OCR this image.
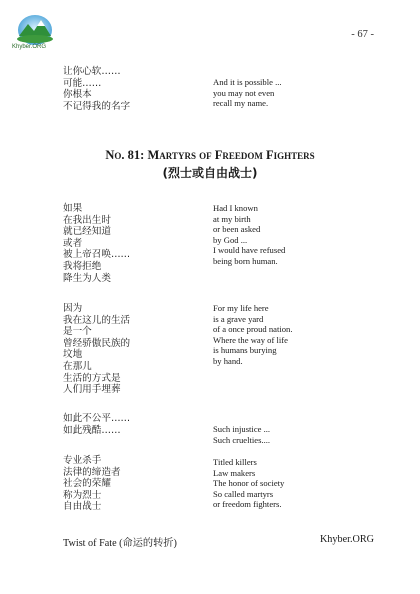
Khyber.ORG
- 67 -
让你心软……
可能……
你根本
不记得我的名字
And it is possible ...
you may not even
recall my name.
No. 81: Martyrs of Freedom Fighters
(烈士或自由战士)
如果
在我出生时
就已经知道
或者
被上帝召唤……
我将拒绝
降生为人类
Had I known
at my birth
or been asked
by God ...
I would have refused
being born human.
因为
我在这儿的生活
是一个
曾经骄傲民族的
坟地
在那儿
生活的方式是
人们用手埋葬
For my life here
is a grave yard
of a once proud nation.
Where the way of life
is humans burying
by hand.
如此不公平……
如此残酷……	Such injustice ...
Such cruelties....
专业杀手
法律的缔造者
社会的荣耀
称为烈士
自由战士
Titled killers
Law makers
The honor of society
So called martyrs
or freedom fighters.
Twist of Fate (命运的转折)	Khyber.ORG
